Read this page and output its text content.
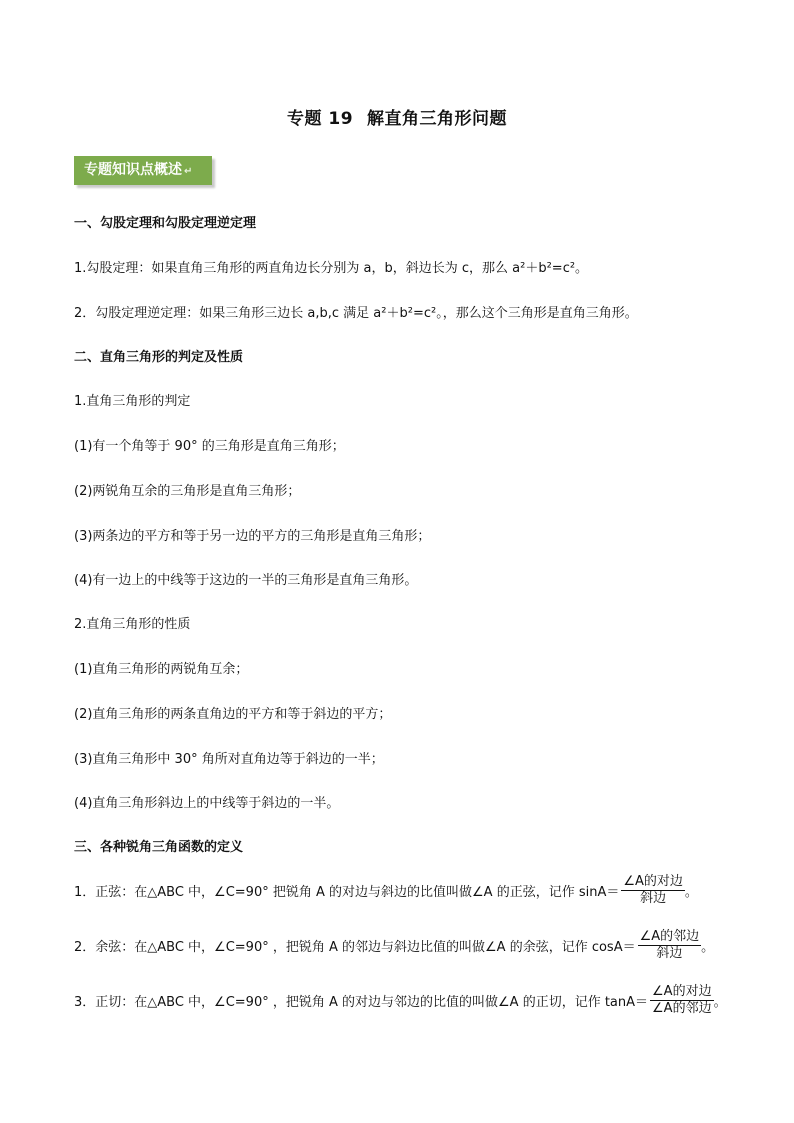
专题 19 解直角三角形问题
专题知识点概述 ↵
一、勾股定理和勾股定理逆定理
1.勾股定理：如果直角三角形的两直角边长分别为 a，b，斜边长为 c，那么 a²＋b²=c²。
2．勾股定理逆定理：如果三角形三边长 a,b,c 满足 a²＋b²=c²。，那么这个三角形是直角三角形。
二、直角三角形的判定及性质
1.直角三角形的判定
(1)有一个角等于 90° 的三角形是直角三角形；
(2)两锐角互余的三角形是直角三角形；
(3)两条边的平方和等于另一边的平方的三角形是直角三角形；
(4)有一边上的中线等于这边的一半的三角形是直角三角形。
2.直角三角形的性质
(1)直角三角形的两锐角互余；
(2)直角三角形的两条直角边的平方和等于斜边的平方；
(3)直角三角形中 30° 角所对直角边等于斜边的一半；
(4)直角三角形斜边上的中线等于斜边的一半。
三、各种锐角三角函数的定义
1．正弦：在△ABC 中，∠C=90° 把锐角 A 的对边与斜边的比值叫做∠A 的正弦，记作 $\sin A= \frac{\text{∠A的对边}}{\text{斜边}}$ 。
2．余弦：在△ABC 中，∠C=90° ，把锐角 A 的邻边与斜边比值的叫做∠A 的余弦，记作 $\cos A= \frac{\text{∠A的邻边}}{\text{斜边}}$ 。
3．正切：在△ABC 中，∠C=90° ，把锐角 A 的对边与邻边的比值的叫做∠A 的正切，记作 $\tan A= \frac{\text{∠A的对边}}{\text{∠A的邻边}}$ 。
